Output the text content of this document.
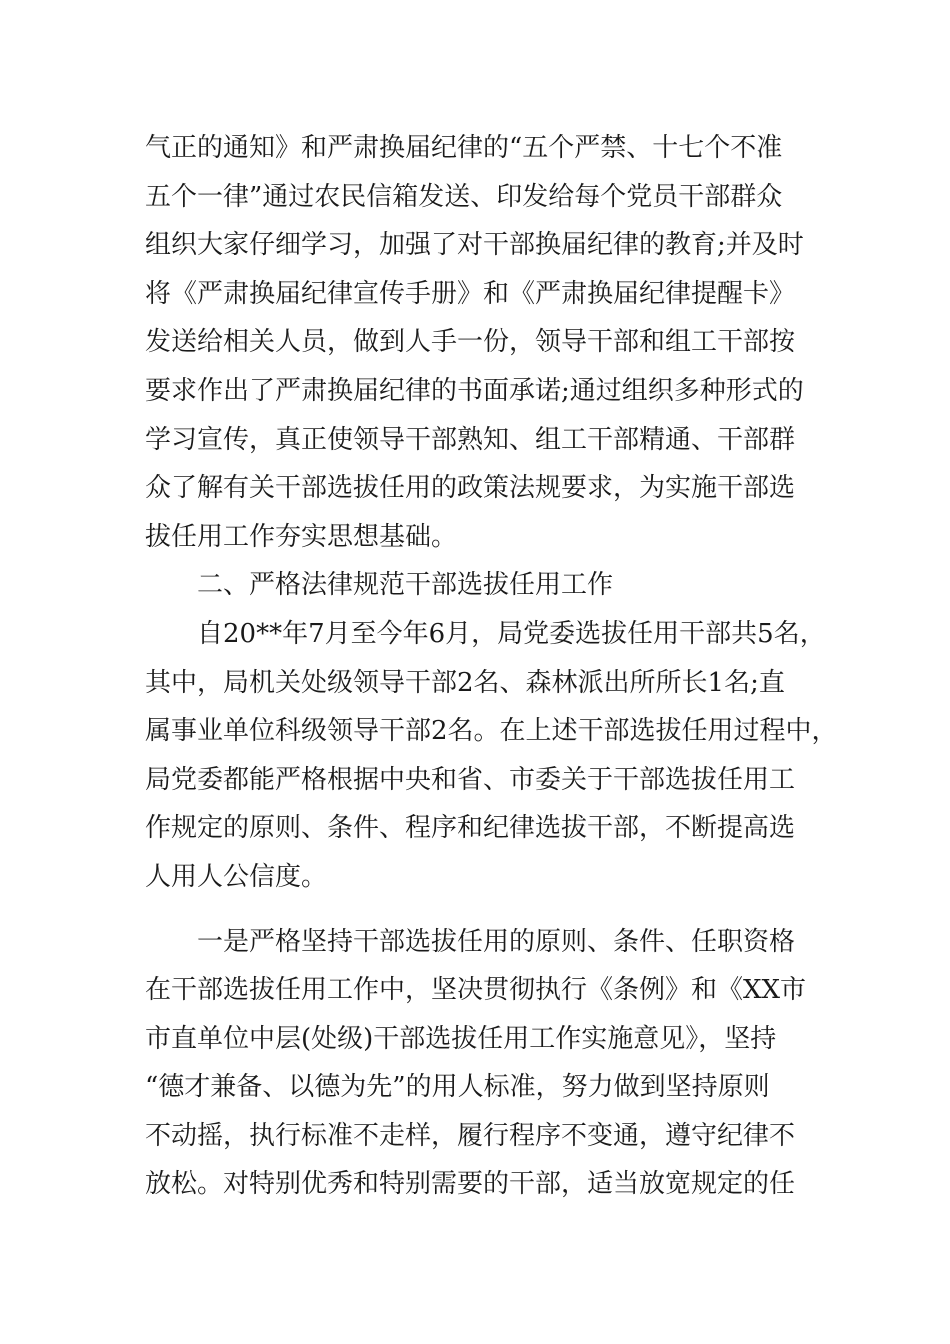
气正的通知》和严肃换届纪律的“五个严禁、十七个不准
五个一律”通过农民信箱发送、印发给每个党员干部群众
组织大家仔细学习，加强了对干部换届纪律的教育;并及时
将《严肃换届纪律宣传手册》和《严肃换届纪律提醒卡》
发送给相关人员，做到人手一份，领导干部和组工干部按
要求作出了严肃换届纪律的书面承诺;通过组织多种形式的
学习宣传，真正使领导干部熟知、组工干部精通、干部群
众了解有关干部选拔任用的政策法规要求，为实施干部选
拔任用工作夯实思想基础。
二、严格法律规范干部选拔任用工作
自20**年7月至今年6月，局党委选拔任用干部共5名，
其中，局机关处级领导干部2名、森林派出所所长1名;直
属事业单位科级领导干部2名。在上述干部选拔任用过程中，
局党委都能严格根据中央和省、市委关于干部选拔任用工
作规定的原则、条件、程序和纪律选拔干部，不断提高选
人用人公信度。
一是严格坚持干部选拔任用的原则、条件、任职资格
在干部选拔任用工作中，坚决贯彻执行《条例》和《XX市
市直单位中层(处级)干部选拔任用工作实施意见》，坚持
“德才兼备、以德为先”的用人标准，努力做到坚持原则
不动摇，执行标准不走样，履行程序不变通，遵守纪律不
放松。对特别优秀和特别需要的干部，适当放宽规定的任
